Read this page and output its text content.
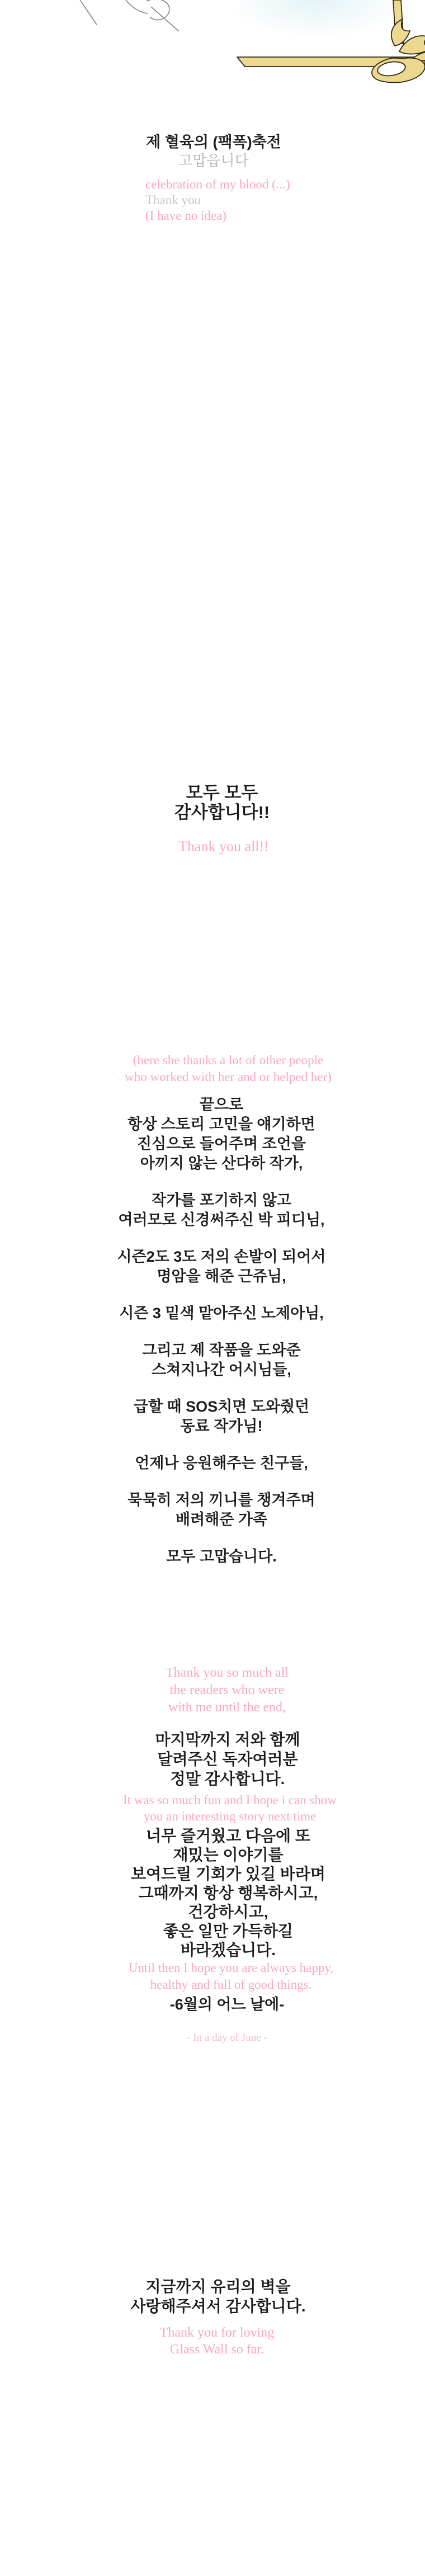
제 혈육의 (팩폭)축전
고맙읍니다
celebration of my blood (...)
Thank you
(I have no idea)
모두 모두
감사합니다!!
Thank you all!!
(here she thanks a lot of other people
who worked with her and or helped her)
끝으로
항상 스토리 고민을 얘기하면
진심으로 들어주며 조언을
아끼지 않는 산다하 작가,
작가를 포기하지 않고
여러모로 신경써주신 박 피디님,
시즌2도 3도 저의 손발이 되어서
명암을 해준 근쥬님,
시즌 3 밑색 맡아주신 노제아님,
그리고 제 작품을 도와준
스쳐지나간 어시님들,
급할 때 SOS치면 도와줬던
동료 작가님!
언제나 응원해주는 친구들,
묵묵히 저의 끼니를 챙겨주며
배려해준 가족
모두 고맙습니다.
Thank you so much all
the readers who were
with me until the end,
마지막까지 저와 함께
달려주신 독자여러분
정말 감사합니다.
It was so much fun and I hope i can show
you an interesting story next time
너무 즐거웠고 다음에 또
재밌는 이야기를
보여드릴 기회가 있길 바라며
그때까지 항상 행복하시고,
건강하시고,
좋은 일만 가득하길
바라겠습니다.
Until then I hope you are always happy,
healthy and full of good things.
-6월의 어느 날에-
- In a day of June -
지금까지 유리의 벽을
사랑해주셔서 감사합니다.
Thank you for loving
Glass Wall so far.
